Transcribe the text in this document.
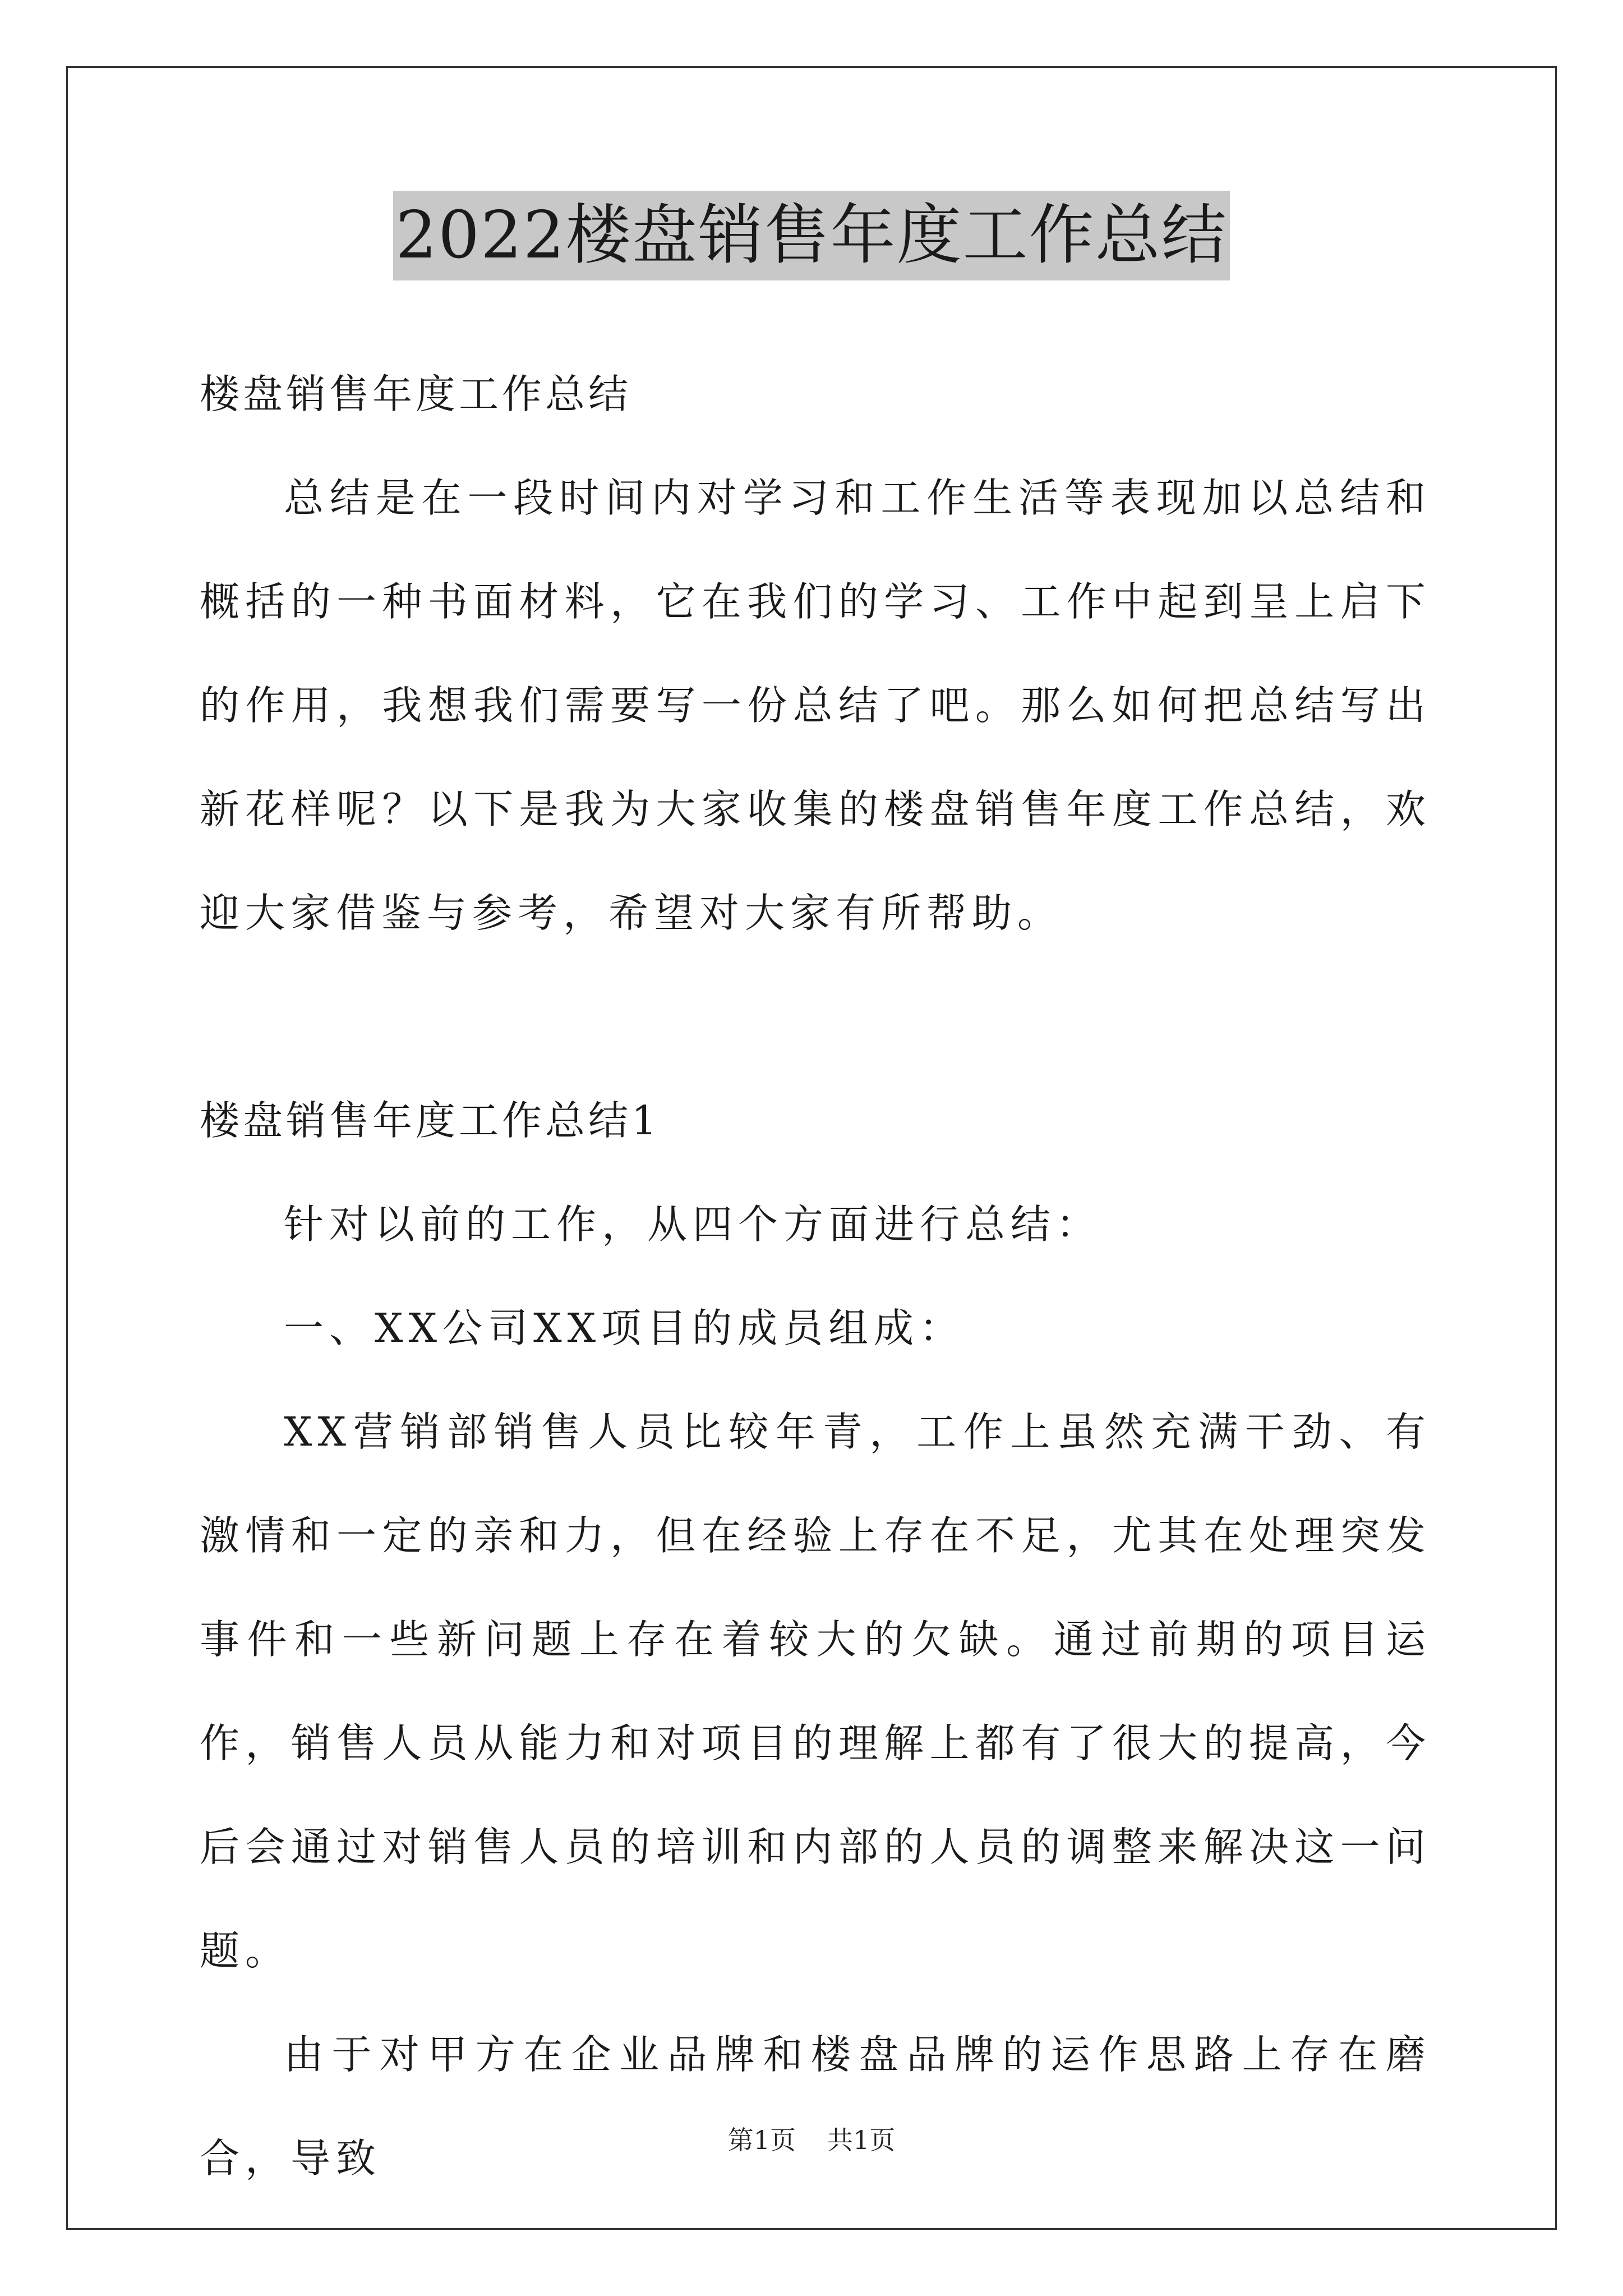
2022楼盘销售年度工作总结

楼盘销售年度工作总结

总结是在一段时间内对学习和工作生活等表现加以总结和概括的一种书面材料，它在我们的学习、工作中起到呈上启下的作用，我想我们需要写一份总结了吧。那么如何把总结写出新花样呢？以下是我为大家收集的楼盘销售年度工作总结，欢迎大家借鉴与参考，希望对大家有所帮助。

楼盘销售年度工作总结1

针对以前的工作，从四个方面进行总结：

一、XX公司XX项目的成员组成：

XX营销部销售人员比较年青，工作上虽然充满干劲、有激情和一定的亲和力，但在经验上存在不足，尤其在处理突发事件和一些新问题上存在着较大的欠缺。通过前期的项目运作，销售人员从能力和对项目的理解上都有了很大的提高，今后会通过对销售人员的培训和内部的人员的调整来解决这一问题。

由于对甲方在企业品牌和楼盘品牌的运作思路上存在磨合，导致	第1页 共1页
